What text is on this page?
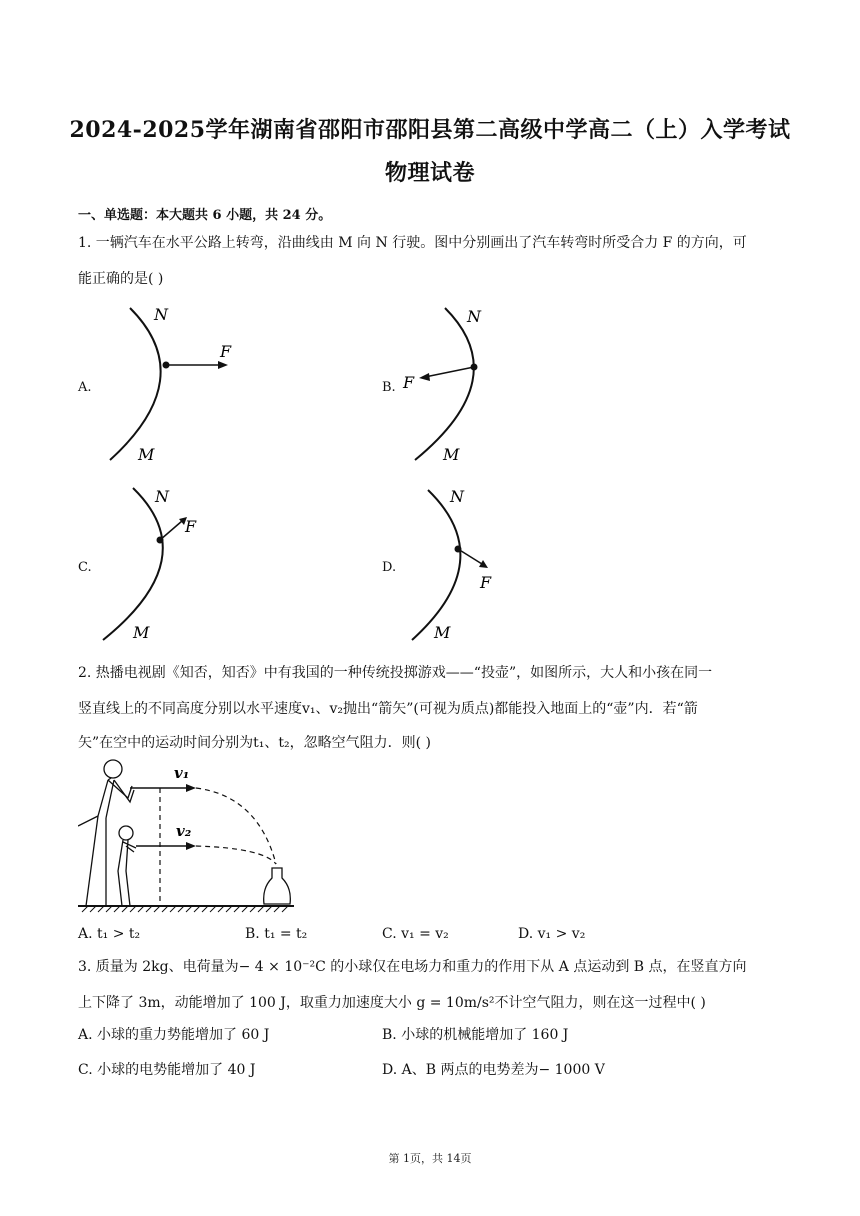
2024-2025学年湖南省邵阳市邵阳县第二高级中学高二（上）入学考试
物理试卷
一、单选题：本大题共 6 小题，共 24 分。
1. 一辆汽车在水平公路上转弯，沿曲线由 M 向 N 行驶。图中分别画出了汽车转弯时所受合力 F 的方向，可
能正确的是( )
A.	B.
C.	D.
N
M
F
N
M
F
N
M
F
N
M
F
2. 热播电视剧《知否，知否》中有我国的一种传统投掷游戏——“投壶”，如图所示，大人和小孩在同一
竖直线上的不同高度分别以水平速度v₁、v₂抛出“箭矢”(可视为质点)都能投入地面上的“壶”内．若“箭
矢”在空中的运动时间分别为t₁、t₂，忽略空气阻力．则( )
v₁
v₂
A. t₁ > t₂	B. t₁ = t₂	C. v₁ = v₂	D. v₁ > v₂
3. 质量为 2kg、电荷量为− 4 × 10⁻²C 的小球仅在电场力和重力的作用下从 A 点运动到 B 点，在竖直方向
上下降了 3m，动能增加了 100 J，取重力加速度大小 g = 10m/s²不计空气阻力，则在这一过程中( )
A. 小球的重力势能增加了 60 J	B. 小球的机械能增加了 160 J
C. 小球的电势能增加了 40 J	D. A、B 两点的电势差为− 1000 V
第 1页，共 14页
